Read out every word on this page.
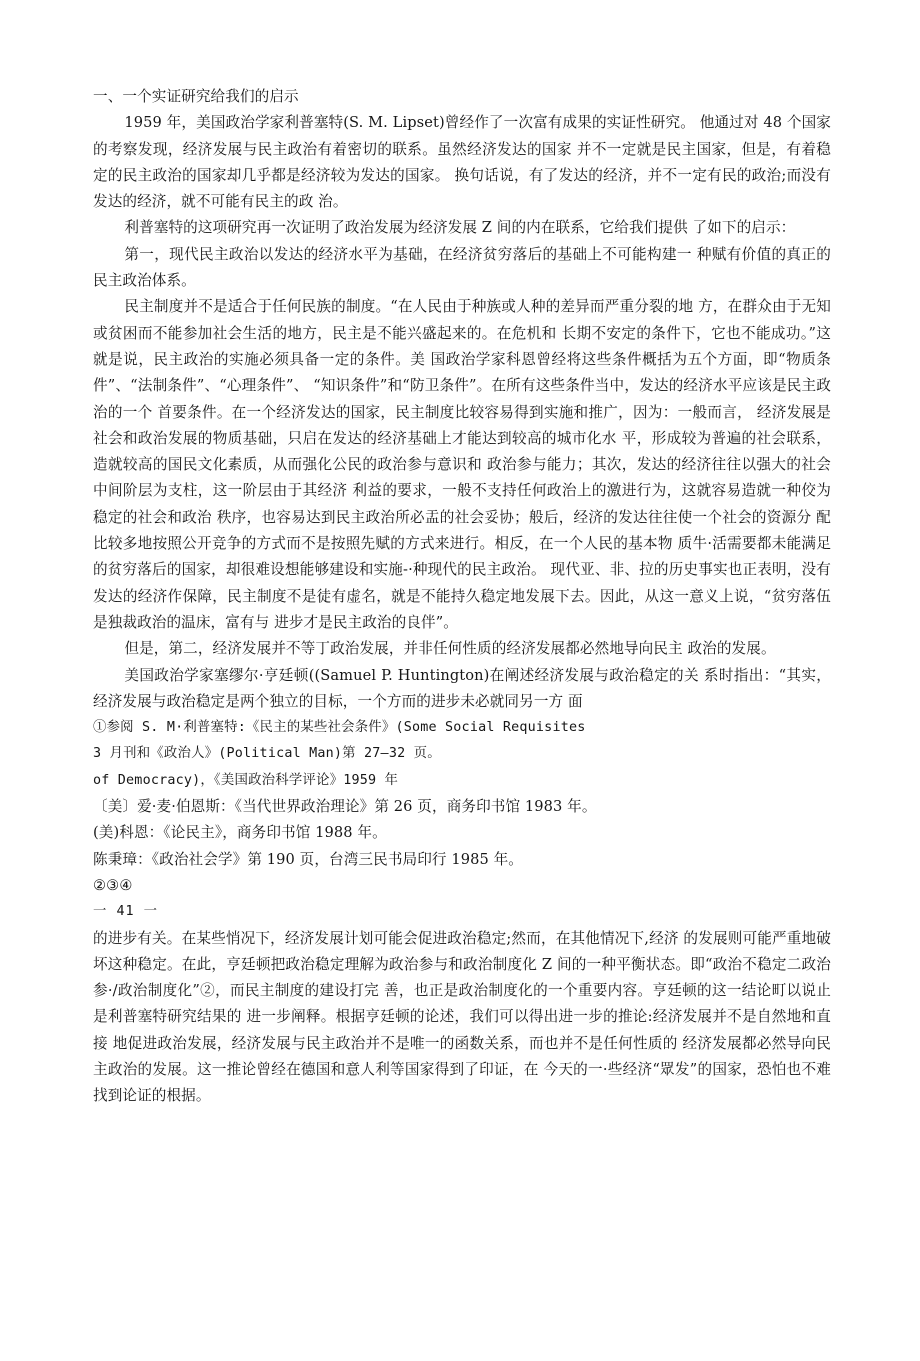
一、一个实证研究给我们的启示

1959 年，美国政治学家利普塞特(S. M. Lipset)曾经作了一次富有成果的实证性研究。 他通过对 48 个国家的考察发现，经济发展与民主政治有着密切的联系。虽然经济发达的国家 并不一定就是民主国家，但是，有着稳定的民主政治的国家却几乎都是经济较为发达的国家。 换句话说，有了发达的经济，并不一定有民的政治;而没有发达的经济，就不可能有民主的政 治。

利普塞特的这项研究再一次证明了政治发展为经济发展 Z 间的内在联系，它给我们提供 了如下的启示：

第一，现代民主政治以发达的经济水平为基础，在经济贫穷落后的基础上不可能构建一 种赋有价值的真正的民主政治体系。

民主制度并不是适合于任何民族的制度。“在人民由于种族或人种的差异而严重分裂的地 方，在群众由于无知或贫困而不能参加社会生活的地方，民主是不能兴盛起来的。在危机和 长期不安定的条件下，它也不能成功。”这就是说，民主政治的实施必须具备一定的条件。美 国政治学家科恩曾经将这些条件概括为五个方面，即“物质条件”、“法制条件”、“心理条件”、 “知识条件”和“防卫条件”。在所有这些条件当中，发达的经济水平应该是民主政治的一个 首要条件。在一个经济发达的国家，民主制度比较容易得到实施和推广，因为：一般而言， 经济发展是社会和政治发展的物质基础，只启在发达的经济基础上才能达到较高的城市化水 平，形成较为普遍的社会联系，造就较高的国民文化素质，从而强化公民的政治参与意识和 政治参与能力；其次，发达的经济往往以强大的社会中间阶层为支柱，这一阶层由于其经济 利益的要求，一般不支持任何政治上的激进行为，这就容易造就一种佼为稳定的社会和政治 秩序，也容易达到民主政治所必盂的社会妥协；般后，经济的发达往往使一个社会的资源分 配比较多地按照公开竞争的方式而不是按照先赋的方式来进行。相反，在一个人民的基本物 质牛·活需要都未能满足的贫穷落后的国家，却很难设想能够建设和实施-·种现代的民主政治。 现代亚、非、拉的历史事实也正表明，没有发达的经济作保障，民主制度不是徒有虚名，就是不能持久稳定地发展下去。因此，从这一意义上说，“贫穷落伍是独裁政治的温床，富有与 进步才是民主政治的良伴”。

但是，第二，经济发展并不等丁政治发展，并非任何性质的经济发展都必然地导向民主 政治的发展。

美国政治学家塞缪尔·亨廷顿((Samuel P. Huntington)在阐述经济发展与政治稳定的关 系时指出：“其实，经济发展与政治稳定是两个独立的目标，一个方而的进步未必就同另一方 面

①参阅 S. M·利普塞特:《民主的某些社会条件》(Some Social Requisites

3 月刊和《政治人》(Political Man)第 27—32 页。

of Democracy)，《美国政治科学评论》1959 年

〔美〕爱·麦·伯恩斯：《当代世界政治理论》第 26 页，商务印书馆 1983 年。

(美)科恩：《论民主》，商务印书馆 1988 年。

陈秉璋：《政治社会学》第 190 页，台湾三民书局印行 1985 年。

②③④

一 41 一

的进步有关。在某些悄况下，经济发展计划可能会促进政治稳定;然而，在其他情况下,经济 的发展则可能严重地破坏这种稳定。在此，亨廷顿把政治稳定理解为政治参与和政治制度化 Z 间的一种平衡状态。即“政治不稳定二政治参·/政治制度化”②，而民主制度的建设打完 善，也正是政治制度化的一个重要内容。亨廷顿的这一结论町以说止是利普塞特研究结果的 进一步阐释。根据亨廷顿的论述，我们可以得出进一步的推论:经济发展并不是自然地和直接 地促进政治发展，经济发展与民主政治并不是唯一的函数关系，而也并不是任何性质的 经济发展都必然导向民主政治的发展。这一推论曾经在德国和意人利等国家得到了印证，在 今天的一·些经济“眾发”的国家，恐怕也不难找到论证的根据。
